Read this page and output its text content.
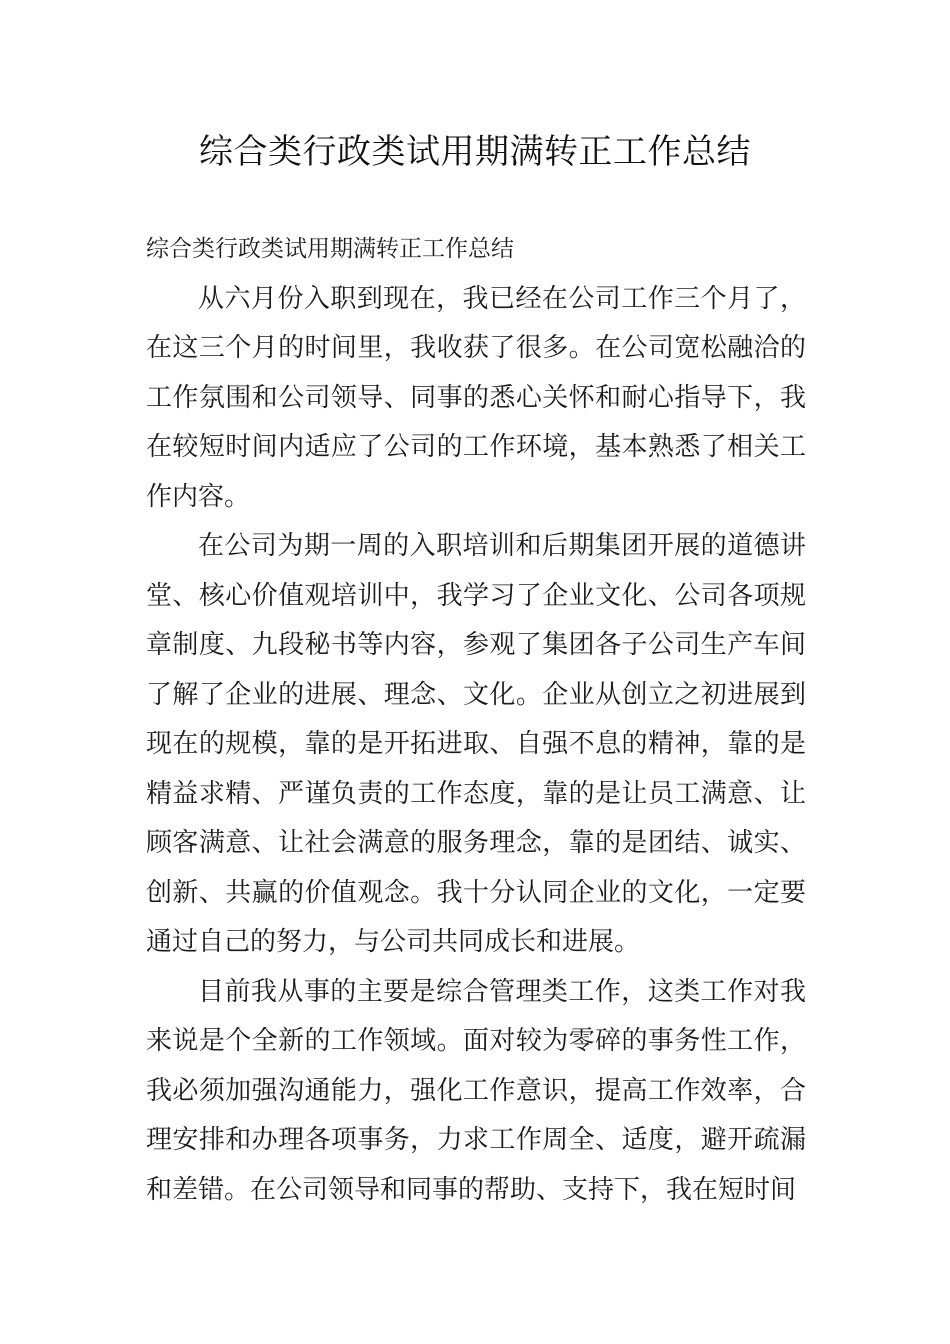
综合类行政类试用期满转正工作总结

综合类行政类试用期满转正工作总结

从六月份入职到现在，我已经在公司工作三个月了，在这三个月的时间里，我收获了很多。在公司宽松融洽的工作氛围和公司领导、同事的悉心关怀和耐心指导下，我在较短时间内适应了公司的工作环境，基本熟悉了相关工作内容。

在公司为期一周的入职培训和后期集团开展的道德讲堂、核心价值观培训中，我学习了企业文化、公司各项规章制度、九段秘书等内容，参观了集团各子公司生产车间了解了企业的进展、理念、文化。企业从创立之初进展到现在的规模，靠的是开拓进取、自强不息的精神，靠的是精益求精、严谨负责的工作态度，靠的是让员工满意、让顾客满意、让社会满意的服务理念，靠的是团结、诚实、创新、共赢的价值观念。我十分认同企业的文化，一定要通过自己的努力，与公司共同成长和进展。

目前我从事的主要是综合管理类工作，这类工作对我来说是个全新的工作领域。面对较为零碎的事务性工作，我必须加强沟通能力，强化工作意识，提高工作效率，合理安排和办理各项事务，力求工作周全、适度，避开疏漏和差错。在公司领导和同事的帮助、支持下，我在短时间
